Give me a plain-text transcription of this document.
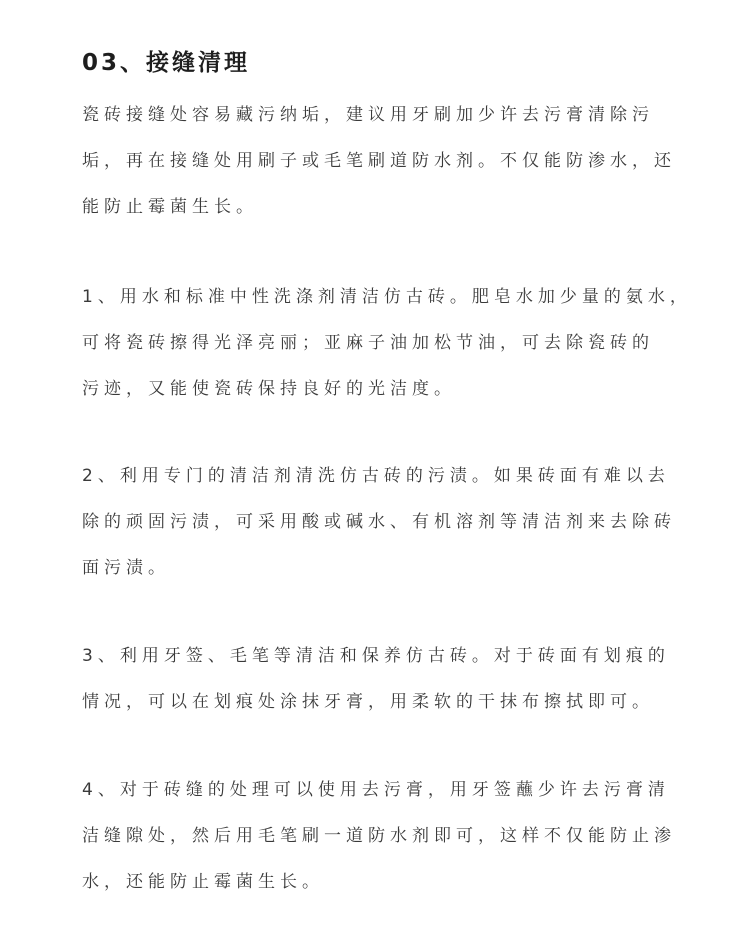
03、接缝清理
瓷砖接缝处容易藏污纳垢，建议用牙刷加少许去污膏清除污
垢，再在接缝处用刷子或毛笔刷道防水剂。不仅能防渗水，还
能防止霉菌生长。
1、用水和标准中性洗涤剂清洁仿古砖。肥皂水加少量的氨水，
可将瓷砖擦得光泽亮丽；亚麻子油加松节油，可去除瓷砖的
污迹，又能使瓷砖保持良好的光洁度。
2、利用专门的清洁剂清洗仿古砖的污渍。如果砖面有难以去
除的顽固污渍，可采用酸或碱水、有机溶剂等清洁剂来去除砖
面污渍。
3、利用牙签、毛笔等清洁和保养仿古砖。对于砖面有划痕的
情况，可以在划痕处涂抹牙膏，用柔软的干抹布擦拭即可。
4、对于砖缝的处理可以使用去污膏，用牙签蘸少许去污膏清
洁缝隙处，然后用毛笔刷一道防水剂即可，这样不仅能防止渗
水，还能防止霉菌生长。
